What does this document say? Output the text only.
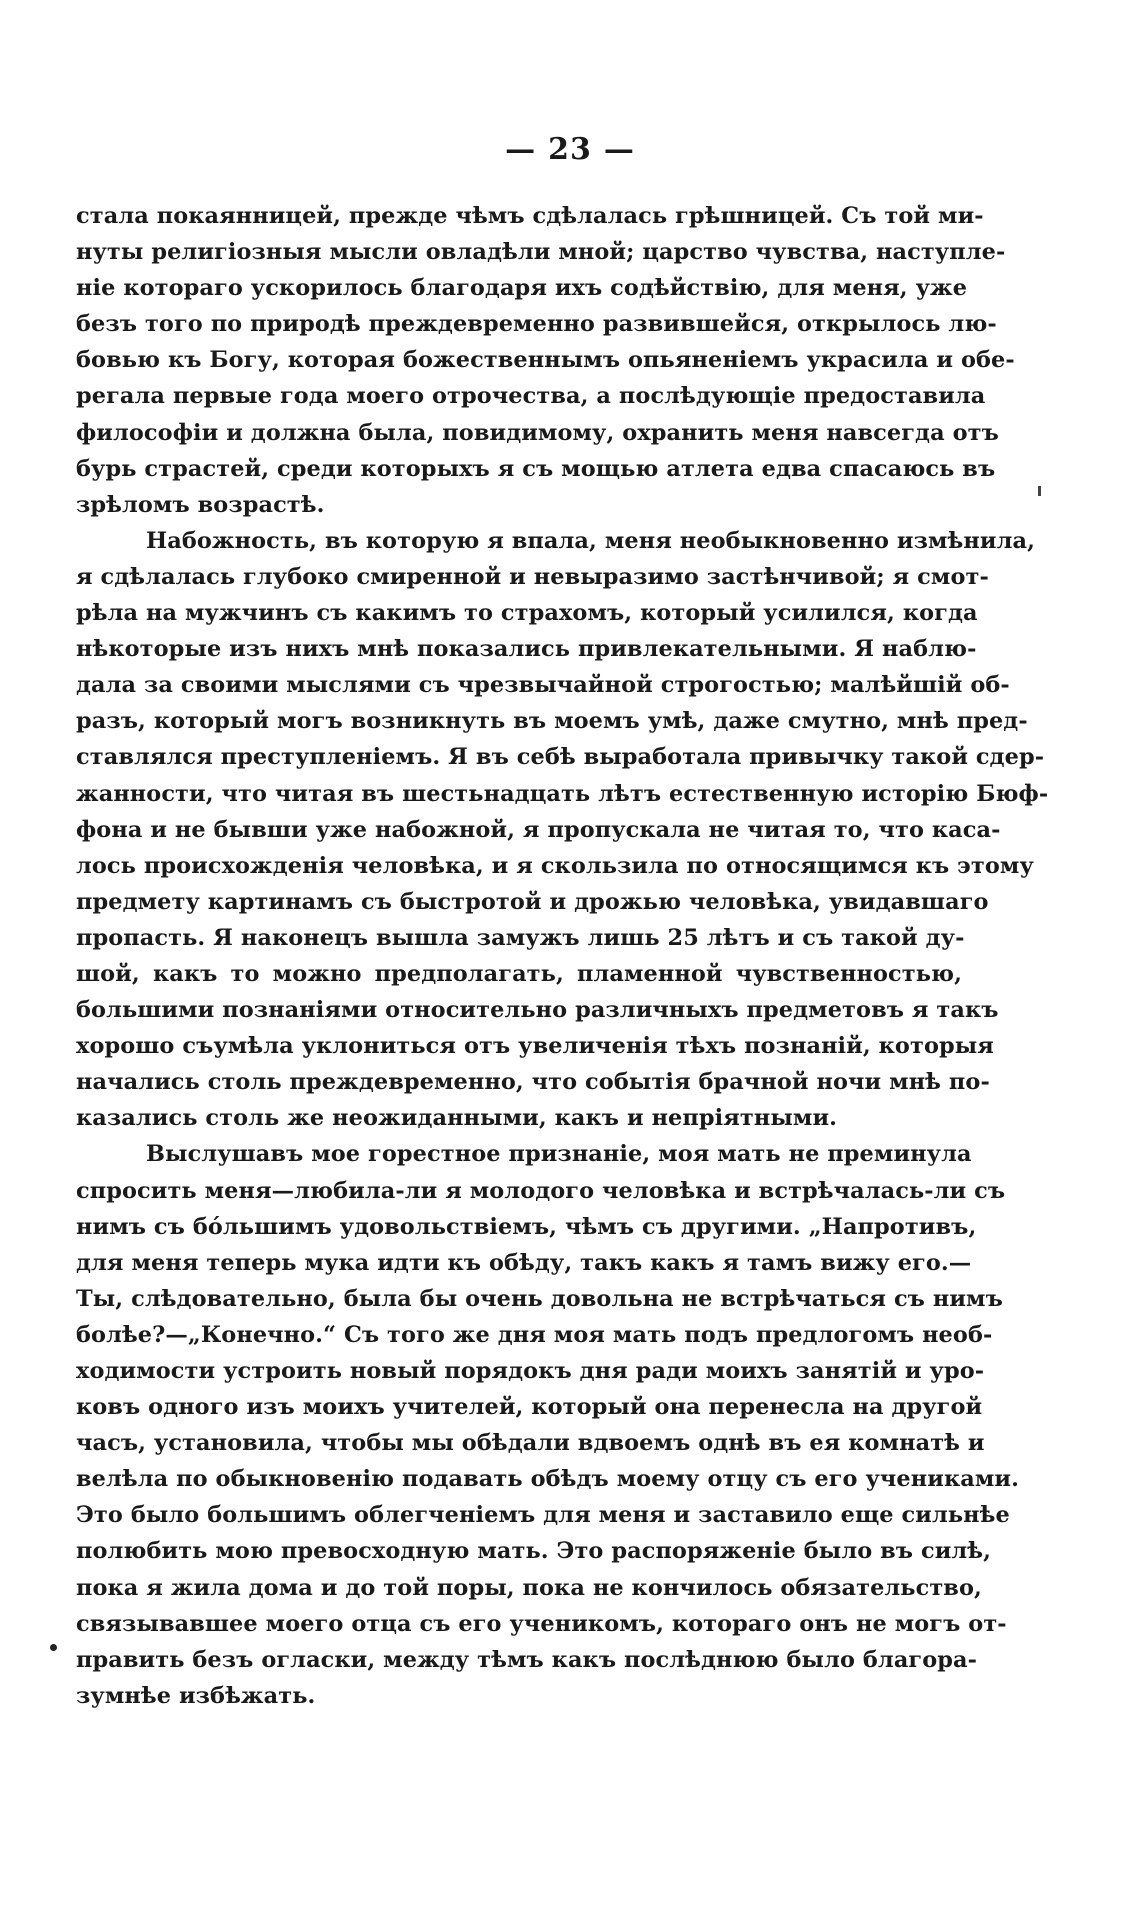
— 23 —
стала покаянницей, прежде чѣмъ сдѣлалась грѣшницей. Съ той ми-
нуты религіозныя мысли овладѣли мной; царство чувства, наступле-
ніе котораго ускорилось благодаря ихъ содѣйствію, для меня, уже
безъ того по природѣ преждевременно развившейся, открылось лю-
бовью къ Богу, которая божественнымъ опьяненіемъ украсила и обе-
регала первые года моего отрочества, а послѣдующіе предоставила
философіи и должна была, повидимому, охранить меня навсегда отъ
бурь страстей, среди которыхъ я съ мощью атлета едва спасаюсь въ
зрѣломъ возрастѣ.
Набожность, въ которую я впала, меня необыкновенно измѣнила,
я сдѣлалась глубоко смиренной и невыразимо застѣнчивой; я смот-
рѣла на мужчинъ съ какимъ то страхомъ, который усилился, когда
нѣкоторые изъ нихъ мнѣ показались привлекательными. Я наблю-
дала за своими мыслями съ чрезвычайной строгостью; малѣйшій об-
разъ, который могъ возникнуть въ моемъ умѣ, даже смутно, мнѣ пред-
ставлялся преступленіемъ. Я въ себѣ выработала привычку такой сдер-
жанности, что читая въ шестьнадцать лѣтъ естественную исторію Бюф-
фона и не бывши уже набожной, я пропускала не читая то, что каса-
лось происхожденія человѣка, и я скользила по относящимся къ этому
предмету картинамъ съ быстротой и дрожью человѣка, увидавшаго
пропасть. Я наконецъ вышла замужъ лишь 25 лѣтъ и съ такой ду-
шой, какъ то можно предполагать, пламенной чувственностью,
большими познаніями относительно различныхъ предметовъ я такъ
хорошо съумѣла уклониться отъ увеличенія тѣхъ познаній, которыя
начались столь преждевременно, что событія брачной ночи мнѣ по-
казались столь же неожиданными, какъ и непріятными.
Выслушавъ мое горестное признаніе, моя мать не преминула
спросить меня—любила-ли я молодого человѣка и встрѣчалась-ли съ
нимъ съ бóльшимъ удовольствіемъ, чѣмъ съ другими. „Напротивъ,
для меня теперь мука идти къ обѣду, такъ какъ я тамъ вижу его.—
Ты, слѣдовательно, была бы очень довольна не встрѣчаться съ нимъ
болѣе?—„Конечно.“ Съ того же дня моя мать подъ предлогомъ необ-
ходимости устроить новый порядокъ дня ради моихъ занятій и уро-
ковъ одного изъ моихъ учителей, который она перенесла на другой
часъ, установила, чтобы мы обѣдали вдвоемъ однѣ въ ея комнатѣ и
велѣла по обыкновенію подавать обѣдъ моему отцу съ его учениками.
Это было большимъ облегченіемъ для меня и заставило еще сильнѣе
полюбить мою превосходную мать. Это распоряженіе было въ силѣ,
пока я жила дома и до той поры, пока не кончилось обязательство,
связывавшее моего отца съ его ученикомъ, котораго онъ не могъ от-
править безъ огласки, между тѣмъ какъ послѣднюю было благора-
зумнѣе избѣжать.
